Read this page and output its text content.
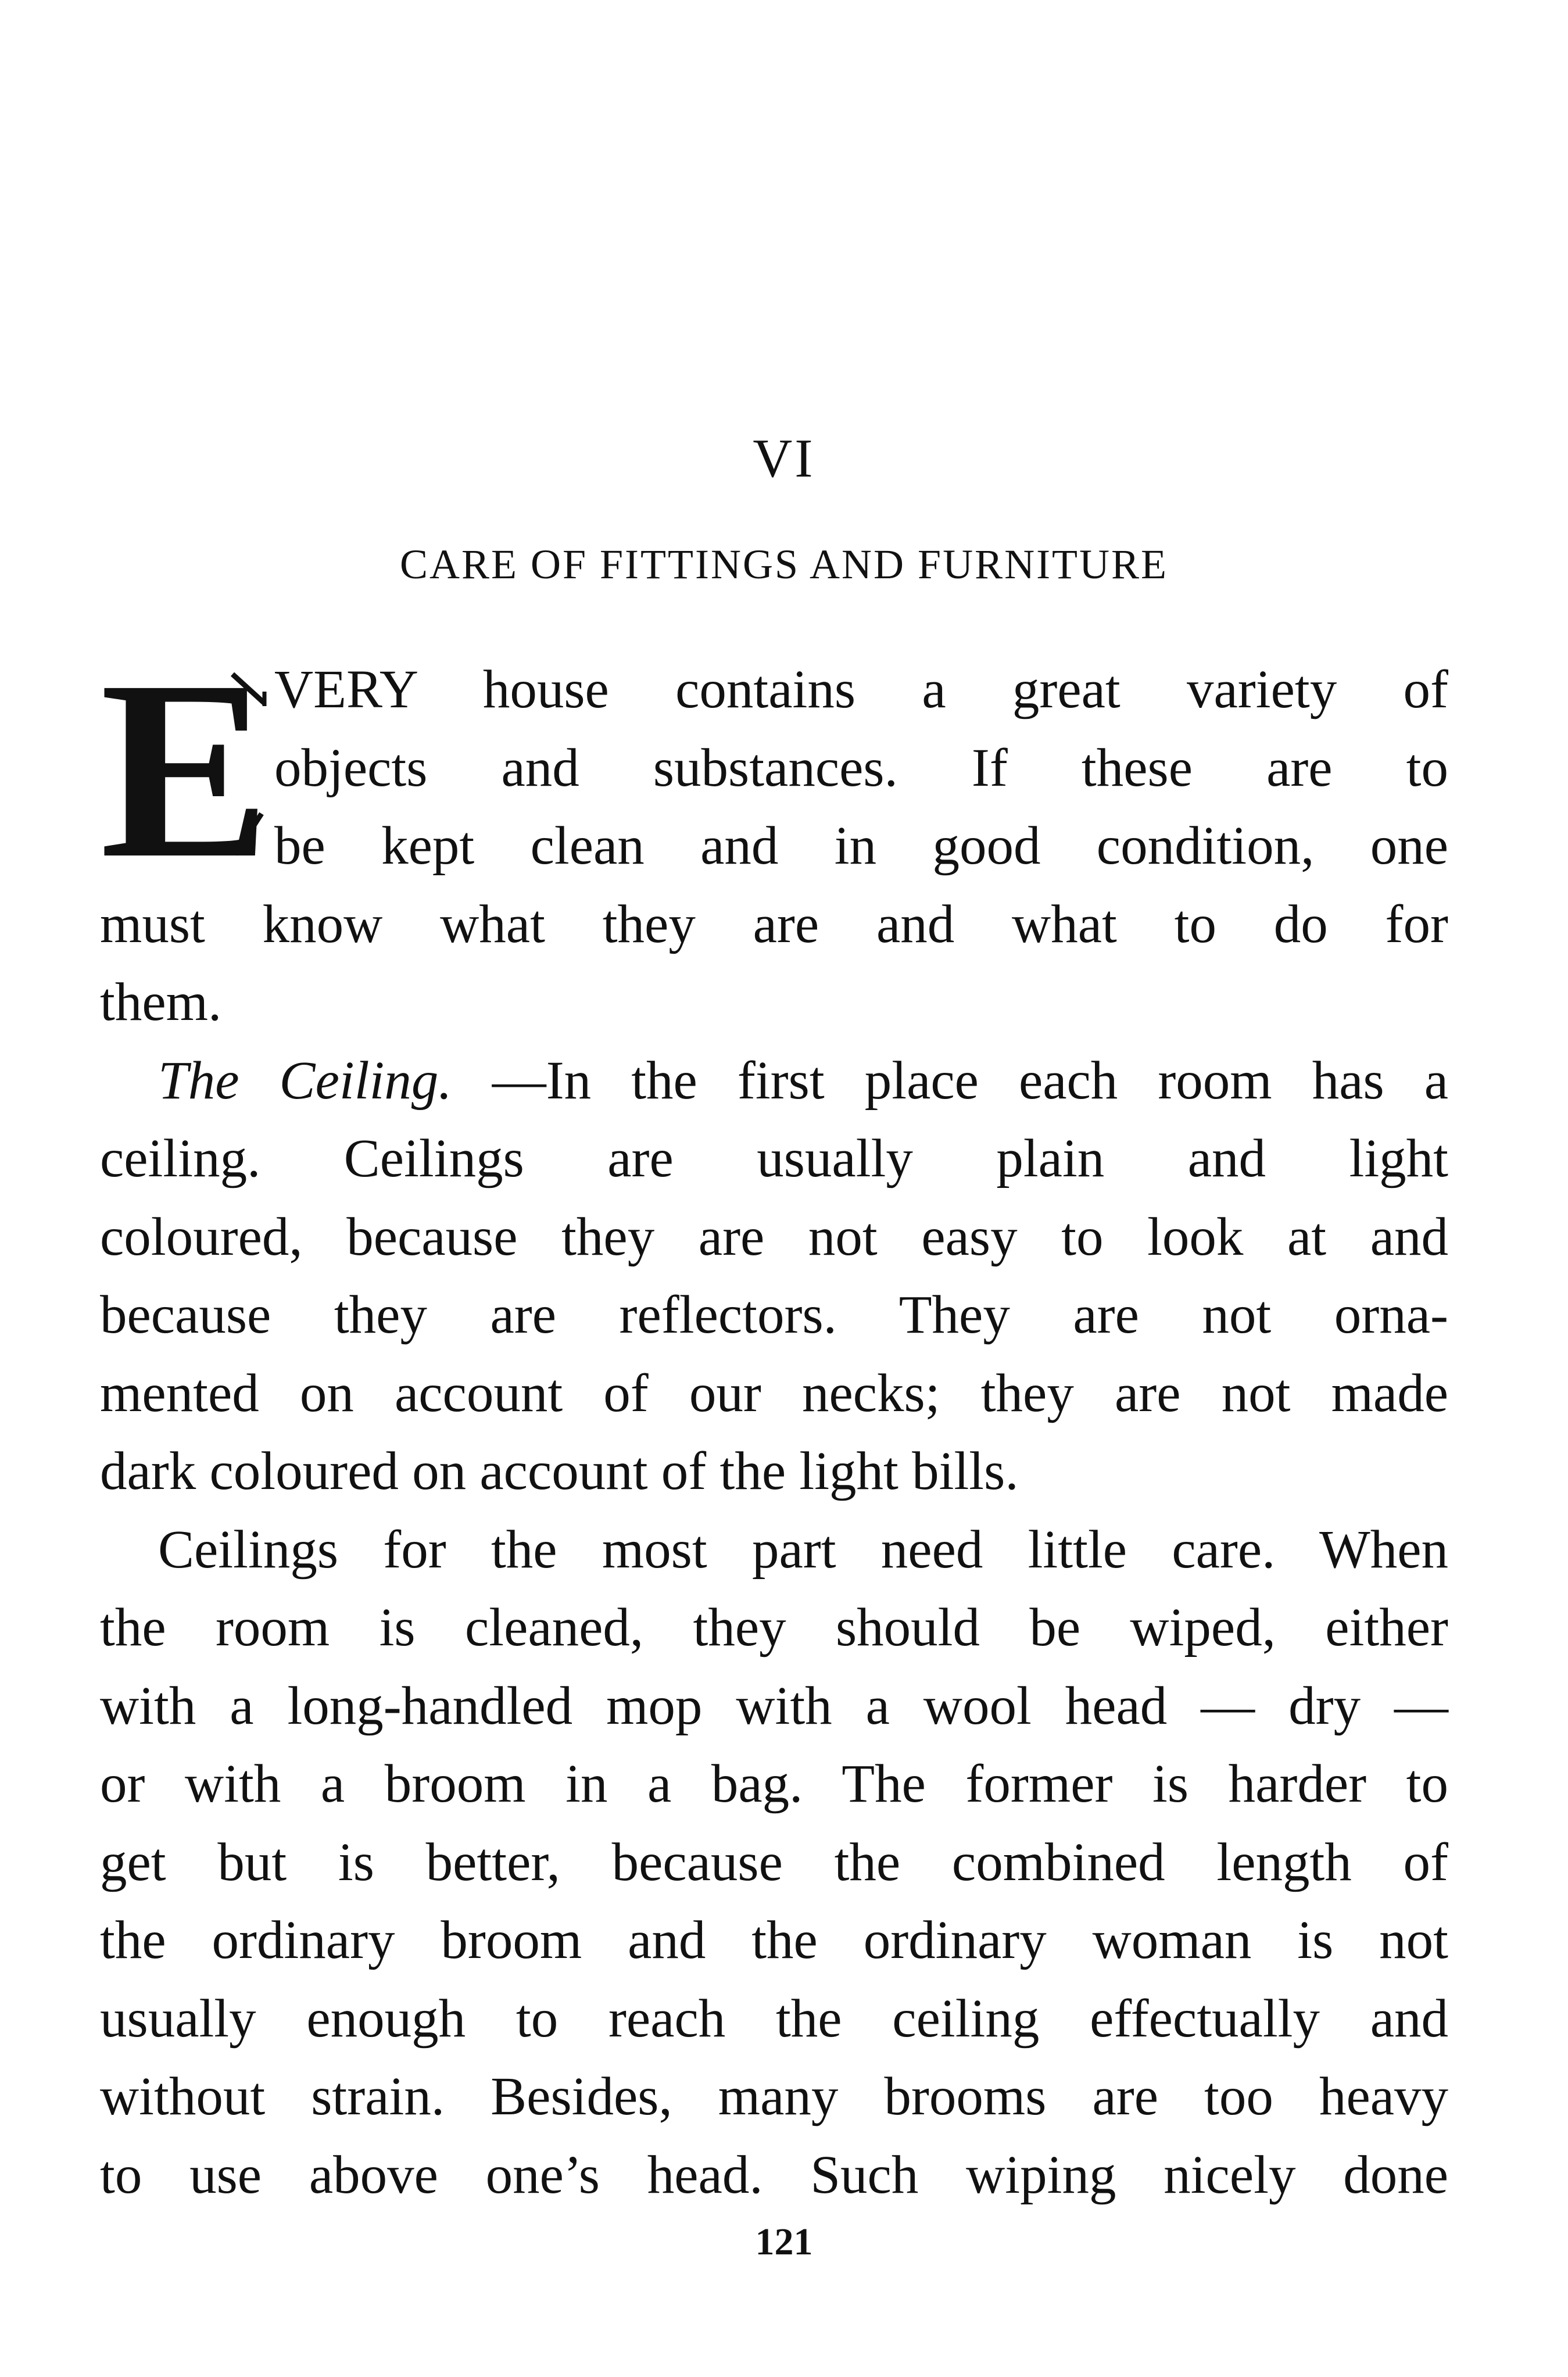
VI
CARE OF FITTINGS AND FURNITURE
E VERY house contains a great variety of
objects and substances. If these are to
be kept clean and in good condition, one
must know what they are and what to do for
them.
The Ceiling. —In the first place each room has a
ceiling. Ceilings are usually plain and light
coloured, because they are not easy to look at and
because they are reflectors. They are not orna-
mented on account of our necks; they are not made
dark coloured on account of the light bills.
Ceilings for the most part need little care. When
the room is cleaned, they should be wiped, either
with a long-handled mop with a wool head — dry —
or with a broom in a bag. The former is harder to
get but is better, because the combined length of
the ordinary broom and the ordinary woman is not
usually enough to reach the ceiling effectually and
without strain. Besides, many brooms are too heavy
to use above one’s head. Such wiping nicely done
121
